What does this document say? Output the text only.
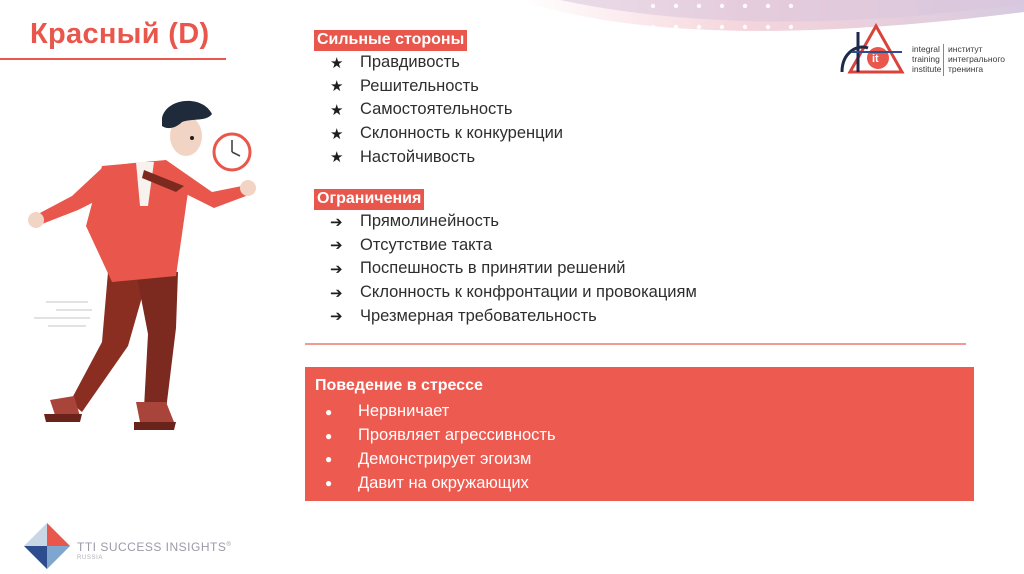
Красный (D)	Сильные стороны
★	Правдивость
★	Решительность
★	Самостоятельность
★	Склонность к конкуренции
★	Настойчивость
Ограничения
➔	Прямолинейность
➔	Отсутствие такта
➔	Поспешность в принятии решений
➔	Склонность к конфронтации и провокациям
➔	Чрезмерная требовательность
Поведение в стрессе
●	Нервничает
●	Проявляет агрессивность
●	Демонстрирует эгоизм
●	Давит на окружающих
it
integral
training
institute
институт
интегрального
тренинга
TTI SUCCESS INSIGHTS®
RUSSIA
